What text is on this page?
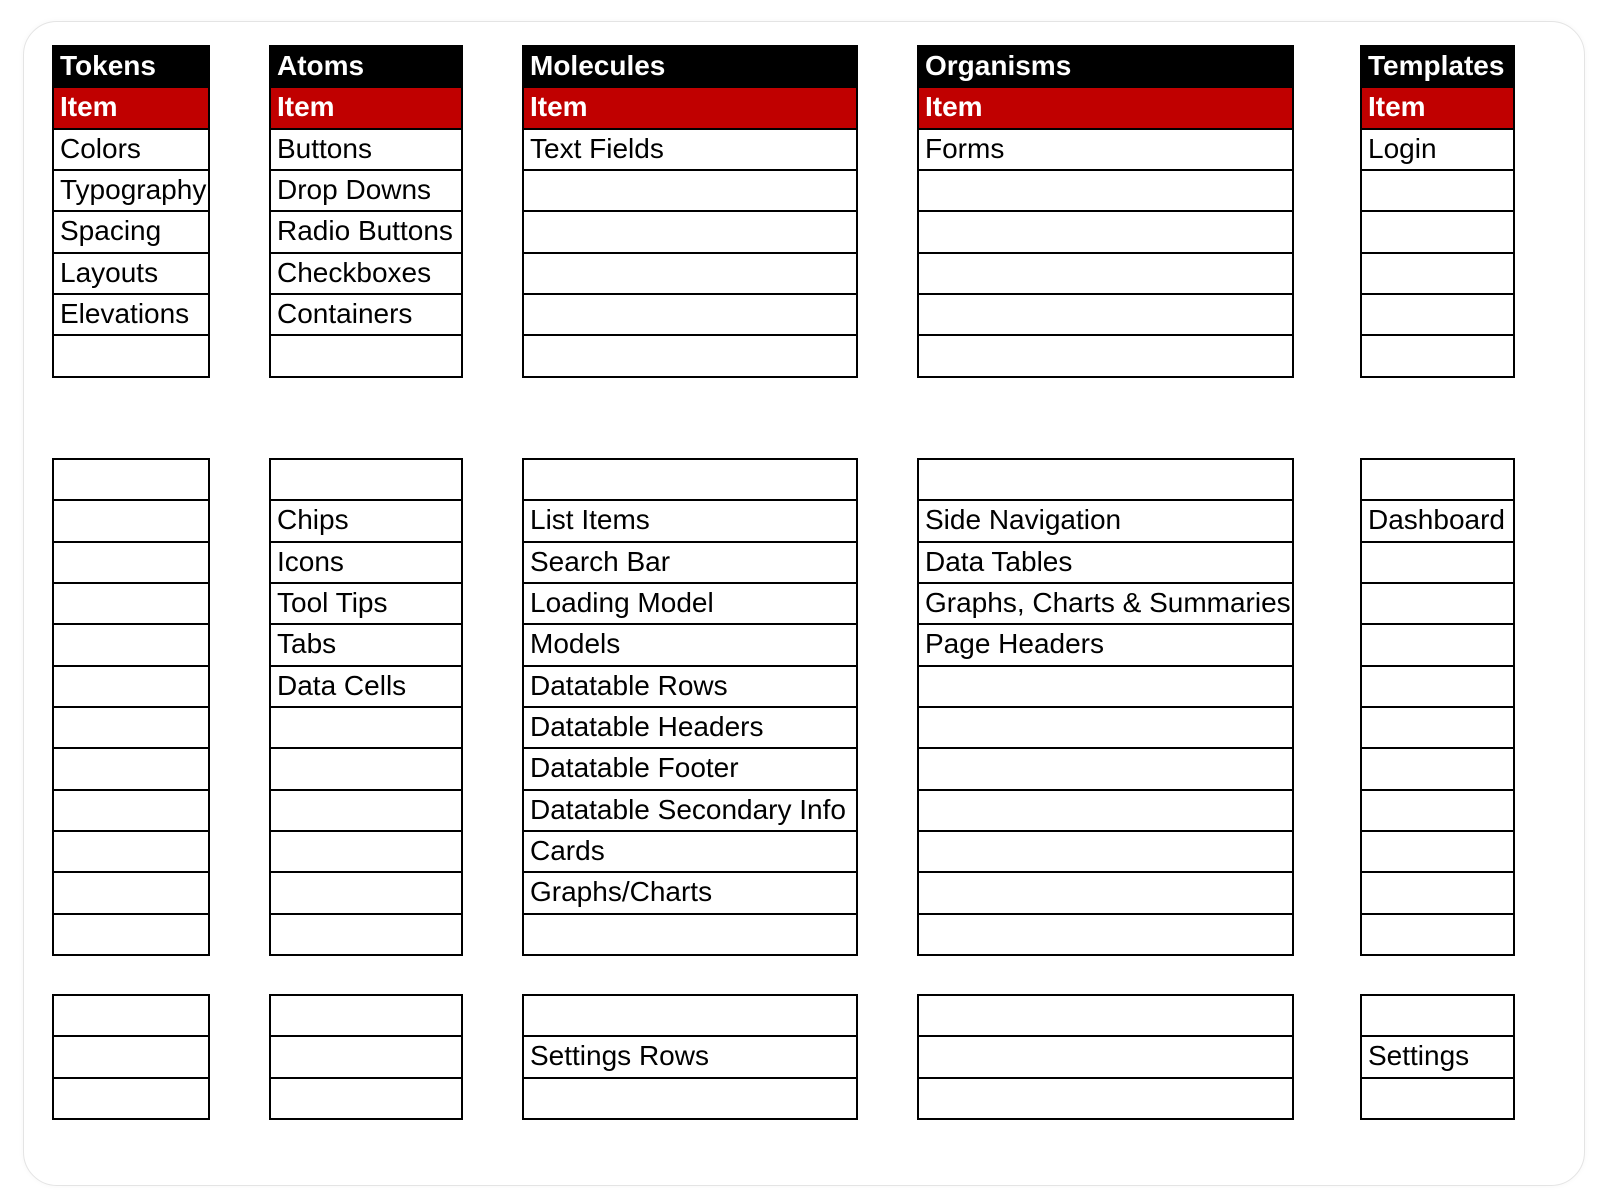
Tokens
Item
Colors
Typography
Spacing
Layouts
Elevations
Atoms
Item
Buttons
Drop Downs
Radio Buttons
Checkboxes
Containers
Chips
Icons
Tool Tips
Tabs
Data Cells
Molecules
Item
Text Fields
List Items
Search Bar
Loading Model
Models
Datatable Rows
Datatable Headers
Datatable Footer
Datatable Secondary Info
Cards
Graphs/Charts
Settings Rows
Organisms
Item
Forms
Side Navigation
Data Tables
Graphs, Charts & Summaries
Page Headers
Templates
Item
Login
Dashboard
Settings
